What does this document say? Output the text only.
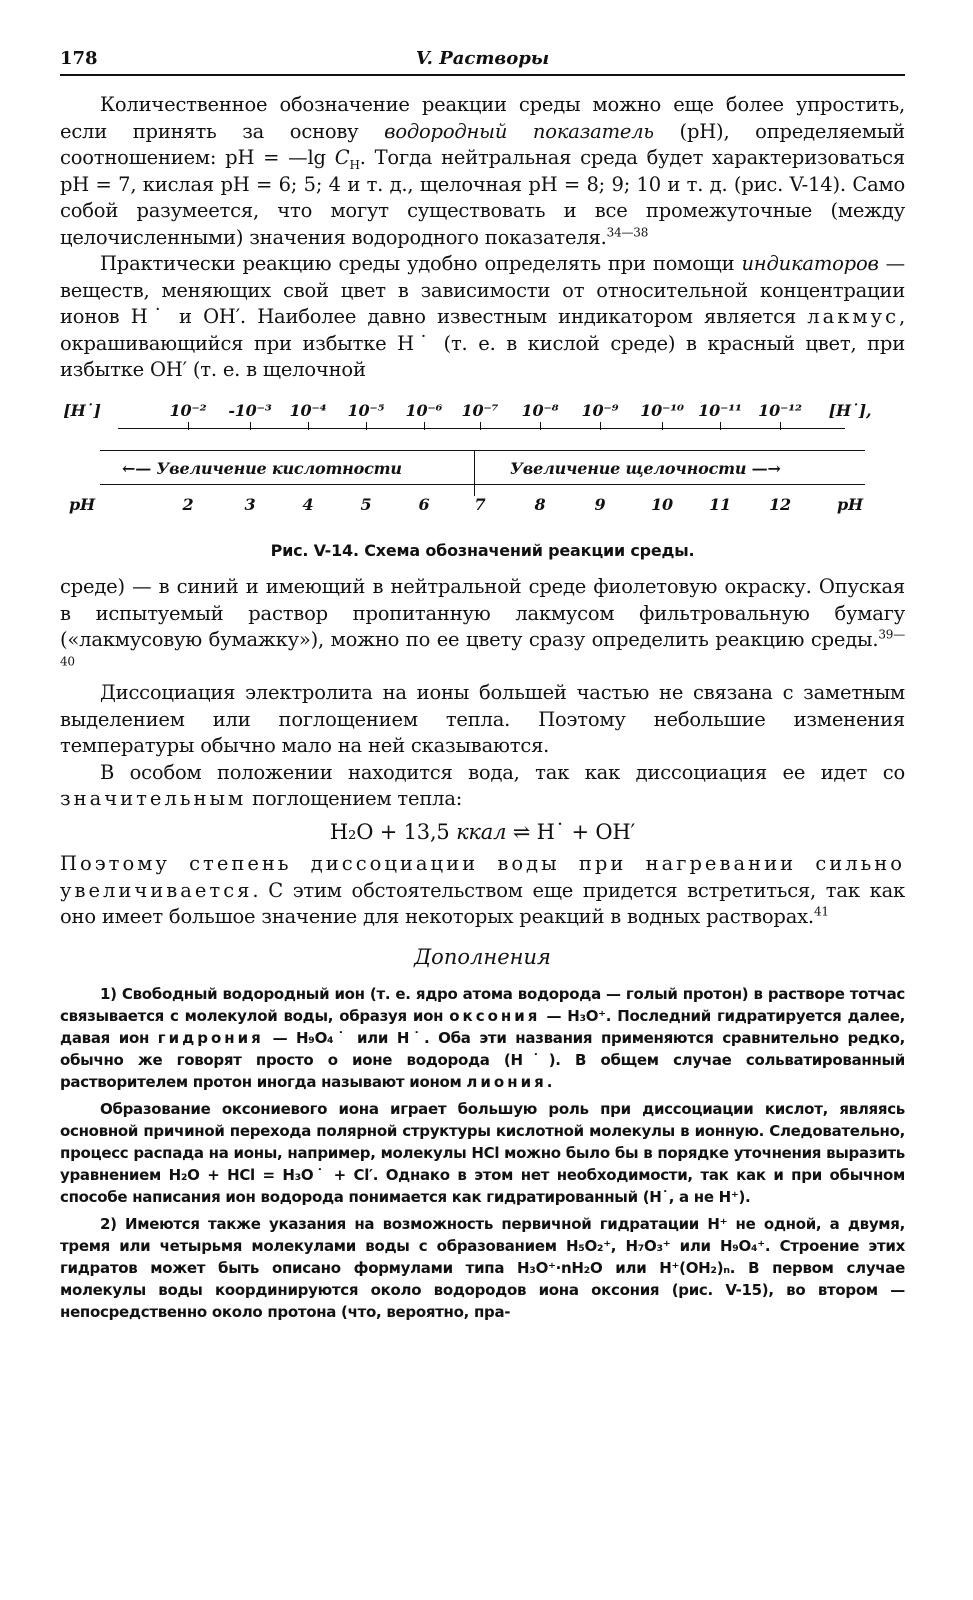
178	V. Растворы

Количественное обозначение реакции среды можно еще более упростить, если принять за основу водородный показатель (pH), определяемый соотношением: pH = —lg $C_H$. Тогда нейтральная среда будет характеризоваться pH = 7, кислая pH = 6; 5; 4 и т. д., щелочная pH = 8; 9; 10 и т. д. (рис. V-14). Само собой разумеется, что могут существовать и все промежуточные (между целочисленными) значения водородного показателя.$^{34—38}$

Практически реакцию среды удобно определять при помощи индикаторов — веществ, меняющих свой цвет в зависимости от относительной концентрации ионов H˙ и OH′. Наиболее давно известным индикатором является лакмус, окрашивающийся при избытке H˙ (т. е. в кислой среде) в красный цвет, при избытке OH′ (т. е. в щелочной

[H˙]	10⁻² -10⁻³ 10⁻⁴ 10⁻⁵ 10⁻⁶ 10⁻⁷ 10⁻⁸ 10⁻⁹ 10⁻¹⁰ 10⁻¹¹ 10⁻¹² [H˙],
←— Увеличение кислотности	Увеличение щелочности —→
pH	2	3	4	5	6	7	8	9	10 11 12	pH
Рис. V-14. Схема обозначений реакции среды.

среде) — в синий и имеющий в нейтральной среде фиолетовую окраску. Опуская в испытуемый раствор пропитанную лакмусом фильтровальную бумагу («лакмусовую бумажку»), можно по ее цвету сразу определить реакцию среды.$^{39—40}$

Диссоциация электролита на ионы большей частью не связана с заметным выделением или поглощением тепла. Поэтому небольшие изменения температуры обычно мало на ней сказываются.

В особом положении находится вода, так как диссоциация ее идет со значительным поглощением тепла:

H₂O + 13,5 ккал ⇌ H˙ + OH′

Поэтому степень диссоциации воды при нагревании сильно увеличивается. С этим обстоятельством еще придется встретиться, так как оно имеет большое значение для некоторых реакций в водных растворах.$^{41}$

Дополнения

1) Свободный водородный ион (т. е. ядро атома водорода — голый протон) в растворе тотчас связывается с молекулой воды, образуя ион оксония — H₃O⁺. Последний гидратируется далее, давая ион гидрония — H₉O₄˙ или H˙. Оба эти названия применяются сравнительно редко, обычно же говорят просто о ионе водорода (H˙). В общем случае сольватированный растворителем протон иногда называют ионом лиония.

Образование оксониевого иона играет большую роль при диссоциации кислот, являясь основной причиной перехода полярной структуры кислотной молекулы в ионную. Следовательно, процесс распада на ионы, например, молекулы HCl можно было бы в порядке уточнения выразить уравнением H₂O + HCl = H₃O˙ + Cl′. Однако в этом нет необходимости, так как и при обычном способе написания ион водорода понимается как гидратированный (H˙, а не H⁺).

2) Имеются также указания на возможность первичной гидратации H⁺ не одной, а двумя, тремя или четырьмя молекулами воды с образованием H₅O₂⁺, H₇O₃⁺ или H₉O₄⁺. Строение этих гидратов может быть описано формулами типа H₃O⁺·nH₂O или H⁺(OH₂)ₙ. В первом случае молекулы воды координируются около водородов иона оксония (рис. V-15), во втором — непосредственно около протона (что, вероятно, пра-
